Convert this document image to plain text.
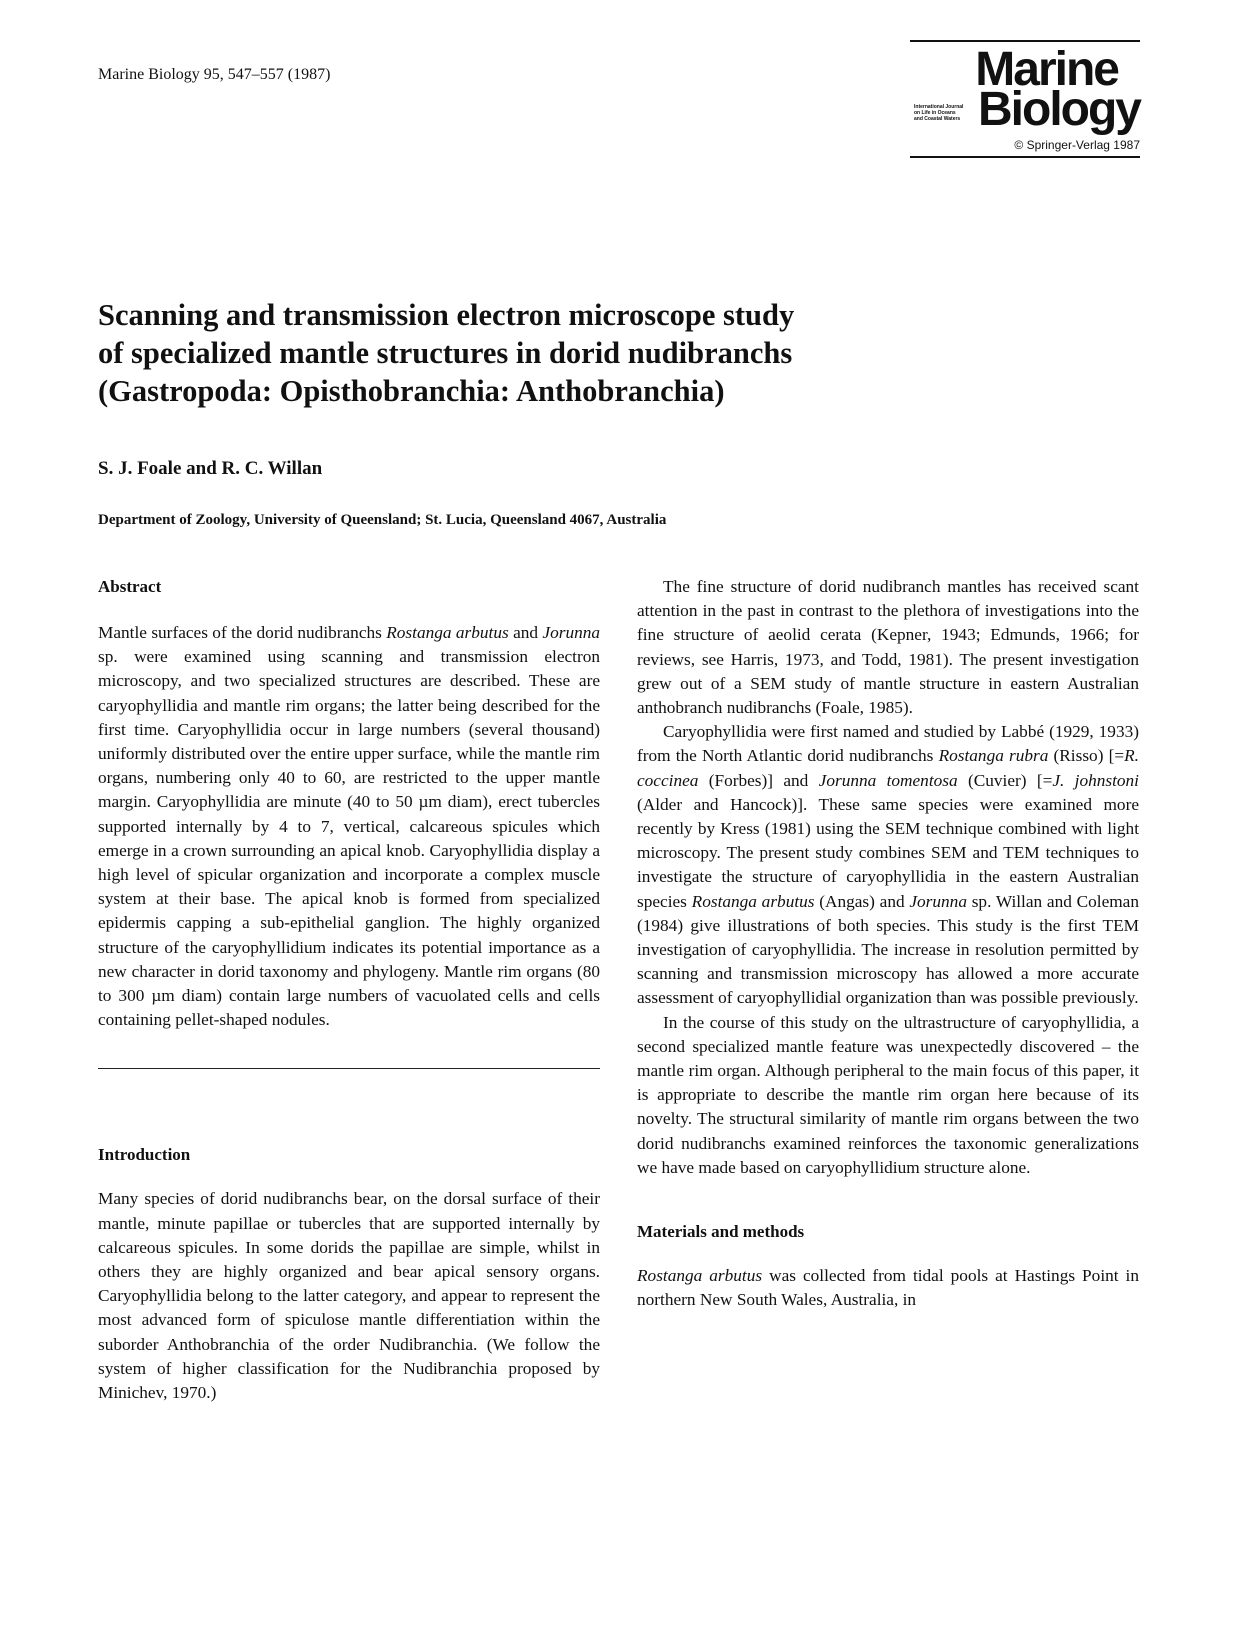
Marine Biology 95, 547–557 (1987)	Marine
International Journal
on Life in Oceans
and Coastal Waters Biology
© Springer-Verlag 1987
Scanning and transmission electron microscope study
of specialized mantle structures in dorid nudibranchs
(Gastropoda: Opisthobranchia: Anthobranchia)
S. J. Foale and R. C. Willan
Department of Zoology, University of Queensland; St. Lucia, Queensland 4067, Australia
Abstract

Mantle surfaces of the dorid nudibranchs Rostanga arbutus and Jorunna sp. were examined using scanning and transmission electron microscopy, and two specialized structures are described. These are caryophyllidia and mantle rim organs; the latter being described for the first time. Caryophyllidia occur in large numbers (several thousand) uniformly distributed over the entire upper surface, while the mantle rim organs, numbering only 40 to 60, are restricted to the upper mantle margin. Caryophyllidia are minute (40 to 50 µm diam), erect tubercles supported internally by 4 to 7, vertical, calcareous spicules which emerge in a crown surrounding an apical knob. Caryophyllidia display a high level of spicular organization and incorporate a complex muscle system at their base. The apical knob is formed from specialized epidermis capping a sub-epithelial ganglion. The highly organized structure of the caryophyllidium indicates its potential importance as a new character in dorid taxonomy and phylogeny. Mantle rim organs (80 to 300 µm diam) contain large numbers of vacuolated cells and cells containing pellet-shaped nodules.

Introduction

Many species of dorid nudibranchs bear, on the dorsal surface of their mantle, minute papillae or tubercles that are supported internally by calcareous spicules. In some dorids the papillae are simple, whilst in others they are highly organized and bear apical sensory organs. Caryophyllidia belong to the latter category, and appear to represent the most advanced form of spiculose mantle differentiation within the suborder Anthobranchia of the order Nudibranchia. (We follow the system of higher classification for the Nudibranchia proposed by Minichev, 1970.)

The fine structure of dorid nudibranch mantles has received scant attention in the past in contrast to the plethora of investigations into the fine structure of aeolid cerata (Kepner, 1943; Edmunds, 1966; for reviews, see Harris, 1973, and Todd, 1981). The present investigation grew out of a SEM study of mantle structure in eastern Australian anthobranch nudibranchs (Foale, 1985).

Caryophyllidia were first named and studied by Labbé (1929, 1933) from the North Atlantic dorid nudibranchs Rostanga rubra (Risso) [=R. coccinea (Forbes)] and Jorunna tomentosa (Cuvier) [=J. johnstoni (Alder and Hancock)]. These same species were examined more recently by Kress (1981) using the SEM technique combined with light microscopy. The present study combines SEM and TEM techniques to investigate the structure of caryophyllidia in the eastern Australian species Rostanga arbutus (Angas) and Jorunna sp. Willan and Coleman (1984) give illustrations of both species. This study is the first TEM investigation of caryophyllidia. The increase in resolution permitted by scanning and transmission microscopy has allowed a more accurate assessment of caryophyllidial organization than was possible previously.

In the course of this study on the ultrastructure of caryophyllidia, a second specialized mantle feature was unexpectedly discovered – the mantle rim organ. Although peripheral to the main focus of this paper, it is appropriate to describe the mantle rim organ here because of its novelty. The structural similarity of mantle rim organs between the two dorid nudibranchs examined reinforces the taxonomic generalizations we have made based on caryophyllidium structure alone.

Materials and methods

Rostanga arbutus was collected from tidal pools at Hastings Point in northern New South Wales, Australia, in
